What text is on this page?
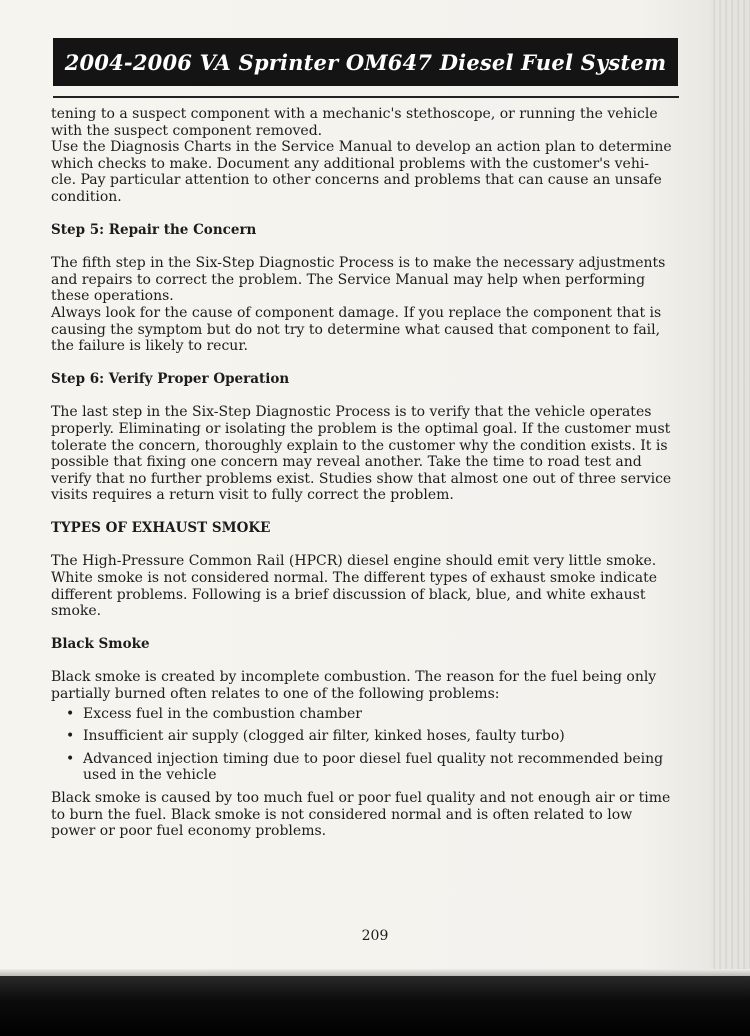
2004-2006 VA Sprinter OM647 Diesel Fuel System

tening to a suspect component with a mechanic's stethoscope, or running the vehicle with the suspect component removed.

Use the Diagnosis Charts in the Service Manual to develop an action plan to determine which checks to make. Document any additional problems with the customer's vehi-cle. Pay particular attention to other concerns and problems that can cause an unsafe condition.

Step 5: Repair the Concern

The fifth step in the Six-Step Diagnostic Process is to make the necessary adjustments and repairs to correct the problem. The Service Manual may help when performing these operations.

Always look for the cause of component damage. If you replace the component that is causing the symptom but do not try to determine what caused that component to fail, the failure is likely to recur.

Step 6: Verify Proper Operation

The last step in the Six-Step Diagnostic Process is to verify that the vehicle operates properly. Eliminating or isolating the problem is the optimal goal. If the customer must tolerate the concern, thoroughly explain to the customer why the condition exists. It is possible that fixing one concern may reveal another. Take the time to road test and verify that no further problems exist. Studies show that almost one out of three service visits requires a return visit to fully correct the problem.

TYPES OF EXHAUST SMOKE

The High-Pressure Common Rail (HPCR) diesel engine should emit very little smoke. White smoke is not considered normal. The different types of exhaust smoke indicate different problems. Following is a brief discussion of black, blue, and white exhaust smoke.

Black Smoke

Black smoke is created by incomplete combustion. The reason for the fuel being only partially burned often relates to one of the following problems:

• Excess fuel in the combustion chamber
• Insufficient air supply (clogged air filter, kinked hoses, faulty turbo)
• Advanced injection timing due to poor diesel fuel quality not recommended being used in the vehicle

Black smoke is caused by too much fuel or poor fuel quality and not enough air or time to burn the fuel. Black smoke is not considered normal and is often related to low power or poor fuel economy problems.

209
